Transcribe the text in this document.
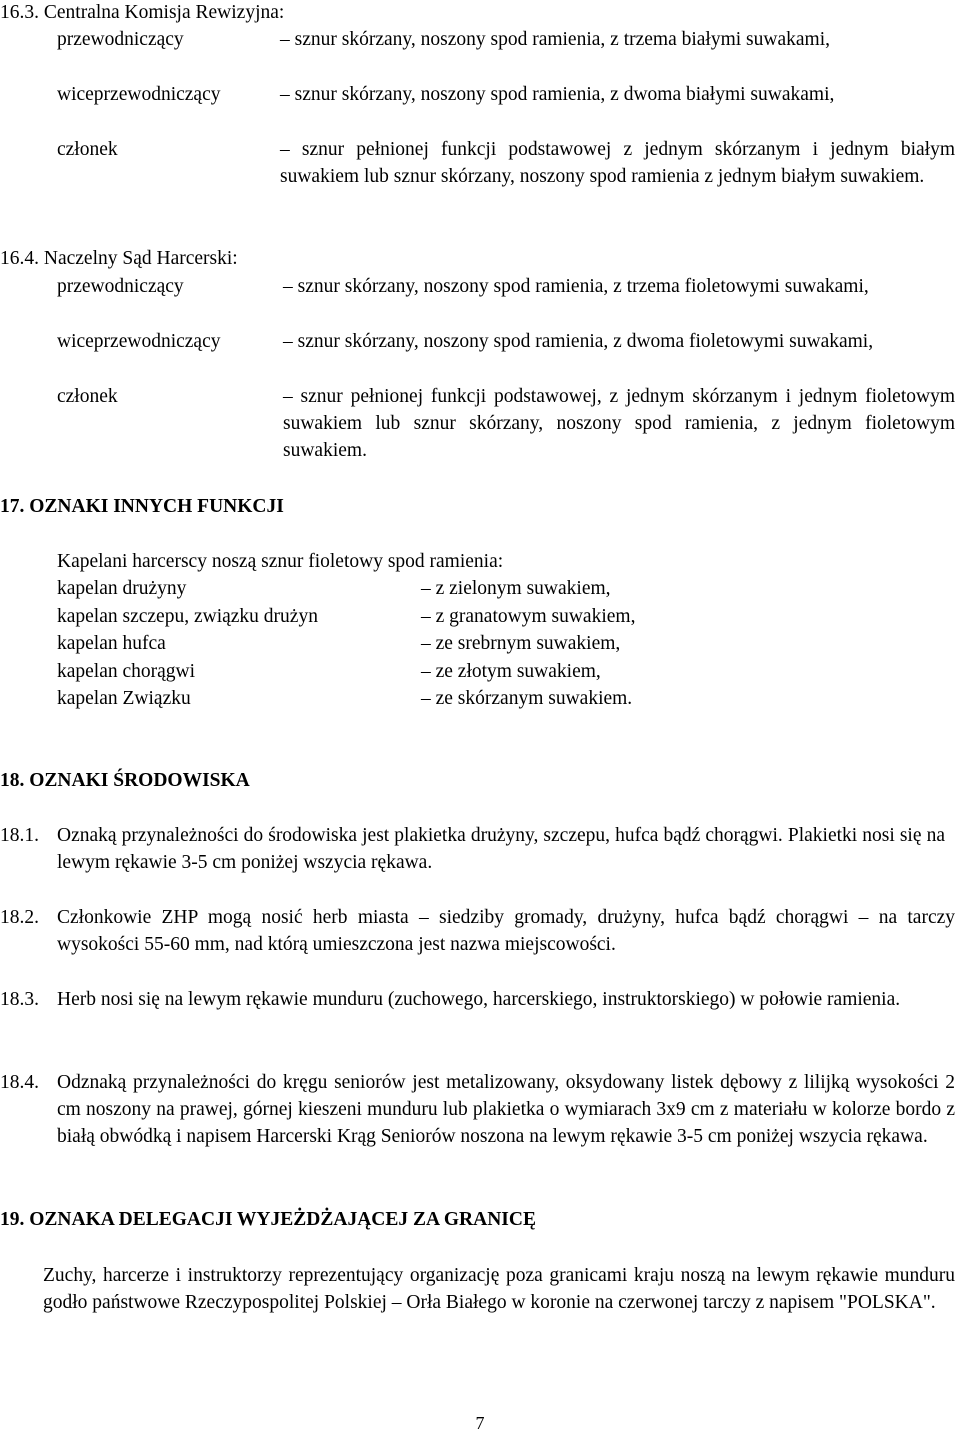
16.3. Centralna Komisja Rewizyjna:
przewodniczący	– sznur skórzany, noszony spod ramienia, z trzema białymi suwakami,
wiceprzewodniczący	– sznur skórzany, noszony spod ramienia, z dwoma białymi suwakami,
członek	– sznur pełnionej funkcji podstawowej z jednym skórzanym i jednym białym suwakiem lub sznur skórzany, noszony spod ramienia z jednym białym suwakiem.
16.4. Naczelny Sąd Harcerski:
przewodniczący	– sznur skórzany, noszony spod ramienia, z trzema fioletowymi suwakami,
wiceprzewodniczący	– sznur skórzany, noszony spod ramienia, z dwoma fioletowymi suwakami,
członek	– sznur pełnionej funkcji podstawowej, z jednym skórzanym i jednym fioletowym suwakiem lub sznur skórzany, noszony spod ramienia, z jednym fioletowym suwakiem.
17. OZNAKI INNYCH FUNKCJI
Kapelani harcerscy noszą sznur fioletowy spod ramienia:
kapelan drużyny	– z zielonym suwakiem,
kapelan szczepu, związku drużyn	– z granatowym suwakiem,
kapelan hufca	– ze srebrnym suwakiem,
kapelan chorągwi	– ze złotym suwakiem,
kapelan Związku	– ze skórzanym suwakiem.
18. OZNAKI ŚRODOWISKA
18.1. Oznaką przynależności do środowiska jest plakietka drużyny, szczepu, hufca bądź chorągwi. Plakietki nosi się na lewym rękawie 3-5 cm poniżej wszycia rękawa.
18.2. Członkowie ZHP mogą nosić herb miasta – siedziby gromady, drużyny, hufca bądź chorągwi – na tarczy wysokości 55-60 mm, nad którą umieszczona jest nazwa miejscowości.
18.3. Herb nosi się na lewym rękawie munduru (zuchowego, harcerskiego, instruktorskiego) w połowie ramienia.
18.4. Odznaką przynależności do kręgu seniorów jest metalizowany, oksydowany listek dębowy z lilijką wysokości 2 cm noszony na prawej, górnej kieszeni munduru lub plakietka o wymiarach 3x9 cm z materiału w kolorze bordo z białą obwódką i napisem Harcerski Krąg Seniorów noszona na lewym rękawie 3-5 cm poniżej wszycia rękawa.
19. OZNAKA DELEGACJI WYJEŻDŻAJĄCEJ ZA GRANICĘ
Zuchy, harcerze i instruktorzy reprezentujący organizację poza granicami kraju noszą na lewym rękawie munduru godło państwowe Rzeczypospolitej Polskiej – Orła Białego w koronie na czerwonej tarczy z napisem "POLSKA".
7
